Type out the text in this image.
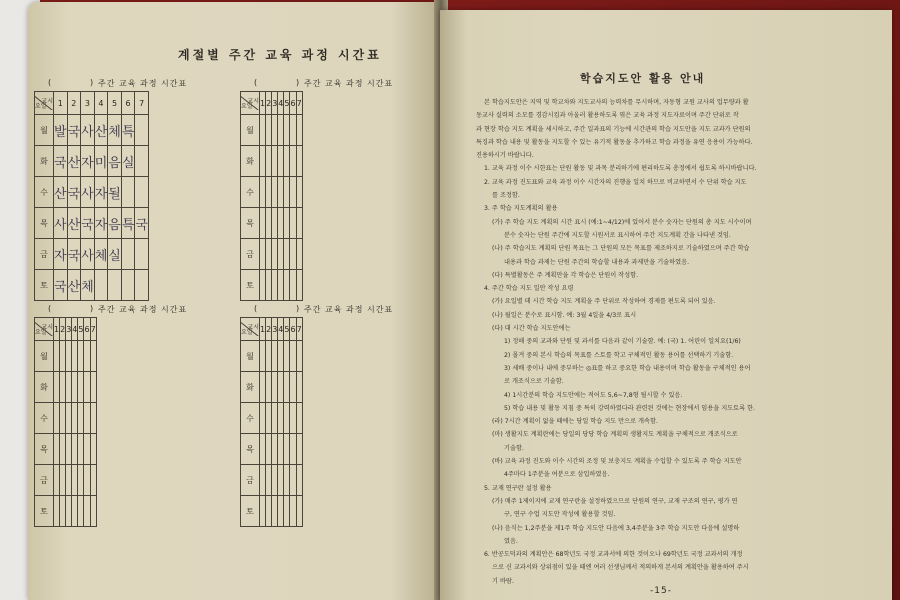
계절별 주간 교육 과정 시간표
(	) 주간 교육 과정 시간표
교시
요일	1	2	3	4	5	6	7
월	발	국	사	산	체	특	
화	국	산	자	미	음	실	
수	산	국	사	자	될		
목	사	산	국	자	음	특	국
금	자	국	사	체	실		
토	국	산	체				
(	) 주간 교육 과정 시간표
교시
요일	1	2	3	4	5	6	7
월							
화							
수							
목							
금							
토							
(	) 주간 교육 과정 시간표
교시
요일	1	2	3	4	5	6	7
월							
화							
수							
목							
금							
토							
(	) 주간 교육 과정 시간표
교시
요일	1	2	3	4	5	6	7
월							
화							
수							
목							
금							
토							
학습지도안 활용 안내

본 학습지도안은 지역 및 학교차와 지도교사의 능력차를 무시하며, 자동형 교원 교사의 업무량과 활

동교사 실력의 소모를 경감시킴과 아울러 활용하도록 엮은 교육 과정 지도자료이며 주간 단위로 작

과 현장 학습 지도 계획을 세시하고, 주간 일과표의 기능에 시간관의 학습 지도안을 지도 교과가 단원의

특징과 학습 내용 및 활동을 지도할 수 있는 유기적 활동을 추가하고 학습 과정을 유연 응용이 가능하다.

진용하시기 바랍니다.

1. 교육 과정 이수 시한표는 단원 활동 및 과목 분리하기에 편리하도록 총정에서 쉽도록 하시바랍니다.

2. 교육 과정 진도표와 교육 과정 이수 시간자의 진행을 일치 하므로 비교하면서 수 단위 학습 지도

를 조정함.

3. 주 학습 지도계획의 활용

(가) 주 학습 지도 계획의 시간 표시 (예:1~4/12)에 있어서 분수 숫자는 단원의 총 지도 시수이며

분수 숫자는 단원 주간에 지도할 시원서로 표시하여 주간 지도계획 간을 나타낸 것임.

(나) 주 학습지도 계획의 단원 목표는 그 단원의 모든 목표를 제조하지로 기술하였으며 주간 학습

내용과 학습 과제는 단원 주간의 학습할 내용과 과제만을 기술하였음.

(다) 특별활동은 주 계획만을 각 학습은 단원이 작성함.

4. 주간 학습 지도 일안 작성 요령

(가) 요일별 데 시간 학습 지도 계획을 주 단위로 작성하여 경제를 편도록 되어 있음.

(나) 월일은 분수로 표시함. 예: 3월 4일을 4/3로 표시

(다) 대 시간 학습 지도안에는

1) 정해 중의 교과와 단원 및 과서를 다음과 같이 기술함. 예: (국) 1. 어린이 일치요(1/6)

2) 몰겨 중의 본시 학습의 목표를 스토를 학고 구체적인 활동 용어를 선택하기 기술함.

3) 세배 중이나 내에 중부하는 ◎표를 하고 중요한 학습 내용이며 학습 활동을 구체적인 용어

로 개조식으로 기술함.

4) 1시간분의 학습 지도안에는 적어도 5,6~7,8형 될시할 수 있음.

5) 학습 내용 및 활동 지침 중 특히 강력하였다라 관련된 것에는 현장에서 임용을 지도토록 한.

(라) 7시간 계획이 없을 때에는 당일 학습 지도 만으로 개속함.

(마) 생활지도 계획란에는 당일의 당당 학습 계획의 생활지도 계획을 구체적으로 개조식으로

기술함.

(바) 교육 과정 진도와 이수 시간의 조정 및 보충지도 계획을 수입할 수 있도록 주 학습 지도안

4주마다 1주분을 여분으로 삼입하였음.

5. 교재 연구란 설정 활용

(가) 매주 1제이지에 교재 연구란을 설정하였으므로 단원의 연구, 교재 구조의 연구, 평가 연

구, 연구 수업 지도안 작성에 활용할 것임.

(나) 음식는 1,2주분을 제1주 학습 지도안 다음에 3,4주분을 3주 학습 지도안 다음에 설명하

였음.

6. 반공도덕과의 계획안은 68학년도 국정 교과서에 의한 것이오나 69학년도 국정 교과서의 개정

으로 신 교과서와 상위점이 있을 때엔 여러 선생님께서 적의하게 본서의 계획안을 활용하여 주시

기 바람.

-15-
